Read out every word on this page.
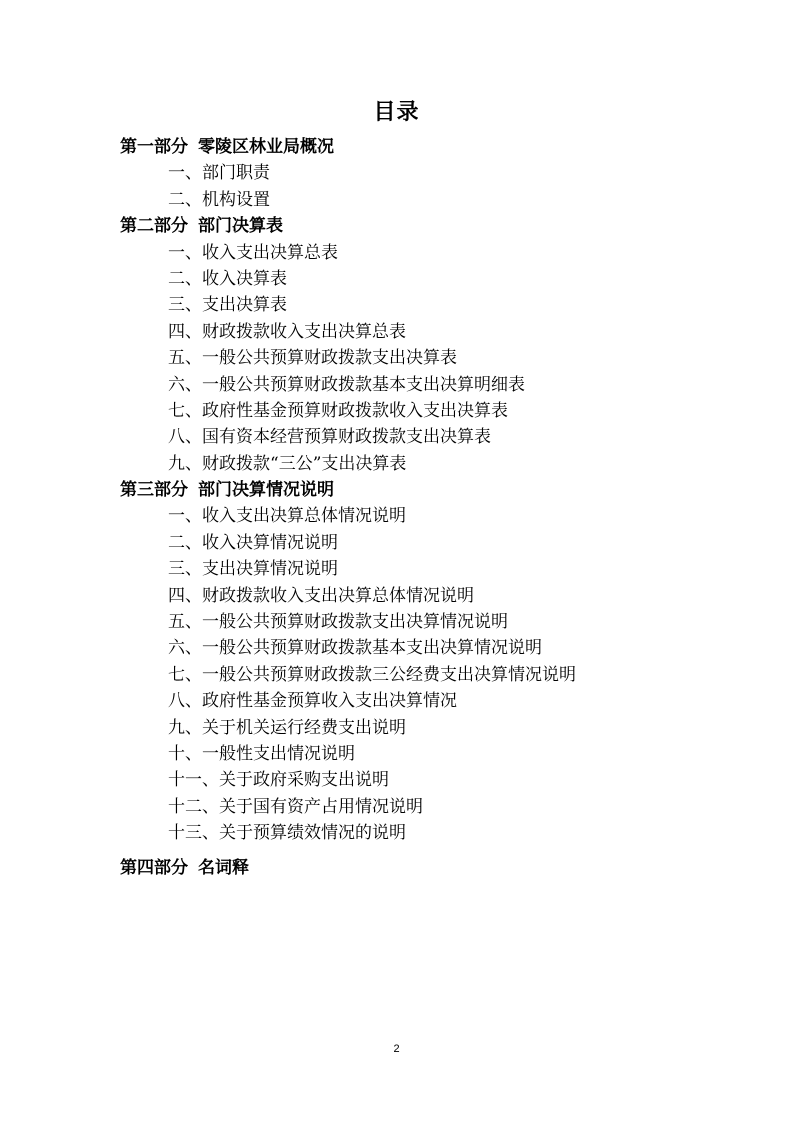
目录
第一部分 零陵区林业局概况
一、部门职责
二、机构设置
第二部分 部门决算表
一、收入支出决算总表
二、收入决算表
三、支出决算表
四、财政拨款收入支出决算总表
五、一般公共预算财政拨款支出决算表
六、一般公共预算财政拨款基本支出决算明细表
七、政府性基金预算财政拨款收入支出决算表
八、国有资本经营预算财政拨款支出决算表
九、财政拨款“三公”支出决算表
第三部分 部门决算情况说明
一、收入支出决算总体情况说明
二、收入决算情况说明
三、支出决算情况说明
四、财政拨款收入支出决算总体情况说明
五、一般公共预算财政拨款支出决算情况说明
六、一般公共预算财政拨款基本支出决算情况说明
七、一般公共预算财政拨款三公经费支出决算情况说明
八、政府性基金预算收入支出决算情况
九、关于机关运行经费支出说明
十、一般性支出情况说明
十一、关于政府采购支出说明
十二、关于国有资产占用情况说明
十三、关于预算绩效情况的说明
第四部分 名词释
2
